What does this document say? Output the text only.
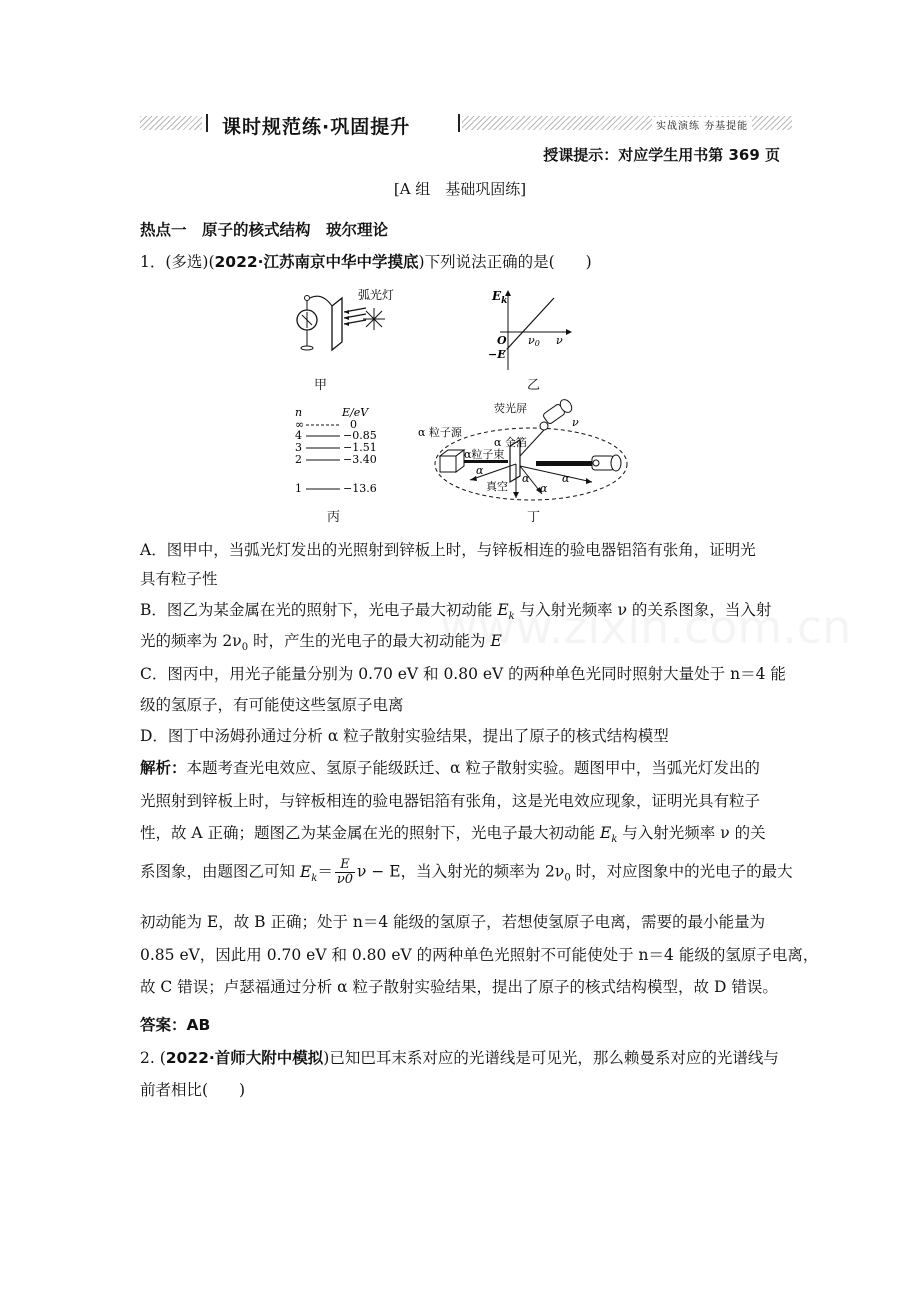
课时规范练·巩固提升	实战演练 夯基提能
授课提示：对应学生用书第 369 页
[A 组　基础巩固练]
热点一　原子的核式结构　玻尔理论
1．(多选)(2022·江苏南京中华中学摸底)下列说法正确的是(　　)
弧光灯
甲
$E_k$
O
−E
ν0 ν
乙
n	E/eV
∞	0
4	−0.85
3	−1.51
2	−3.40
1	−13.6
丙
荧光屏
α 粒子源
α 金箔
α粒子束
真空
α
α
α
α
ν
丁
A．图甲中，当弧光灯发出的光照射到锌板上时，与锌板相连的验电器铝箔有张角，证明光
具有粒子性
B．图乙为某金属在光的照射下，光电子最大初动能 $E_k$ 与入射光频率 ν 的关系图象，当入射
光的频率为 $2\nu_0$ 时，产生的光电子的最大初动能为 E
C．图丙中，用光子能量分别为 0.70 eV 和 0.80 eV 的两种单色光同时照射大量处于 n＝4 能
级的氢原子，有可能使这些氢原子电离
D．图丁中汤姆孙通过分析 α 粒子散射实验结果，提出了原子的核式结构模型
解析：本题考查光电效应、氢原子能级跃迁、α 粒子散射实验。题图甲中，当弧光灯发出的
光照射到锌板上时，与锌板相连的验电器铝箔有张角，这是光电效应现象，证明光具有粒子
性，故 A 正确；题图乙为某金属在光的照射下，光电子最大初动能 $E_k$ 与入射光频率 ν 的关
系图象，由题图乙可知 $E_k= \frac{E}{\nu 0}$ ν − E，当入射光的频率为 $2\nu_0$ 时，对应图象中的光电子的最大
初动能为 E，故 B 正确；处于 n＝4 能级的氢原子，若想使氢原子电离，需要的最小能量为
0.85 eV，因此用 0.70 eV 和 0.80 eV 的两种单色光照射不可能使处于 n＝4 能级的氢原子电离，
故 C 错误；卢瑟福通过分析 α 粒子散射实验结果，提出了原子的核式结构模型，故 D 错误。
答案：AB
2. (2022·首师大附中模拟)已知巴耳末系对应的光谱线是可见光，那么赖曼系对应的光谱线与
前者相比(　　)
